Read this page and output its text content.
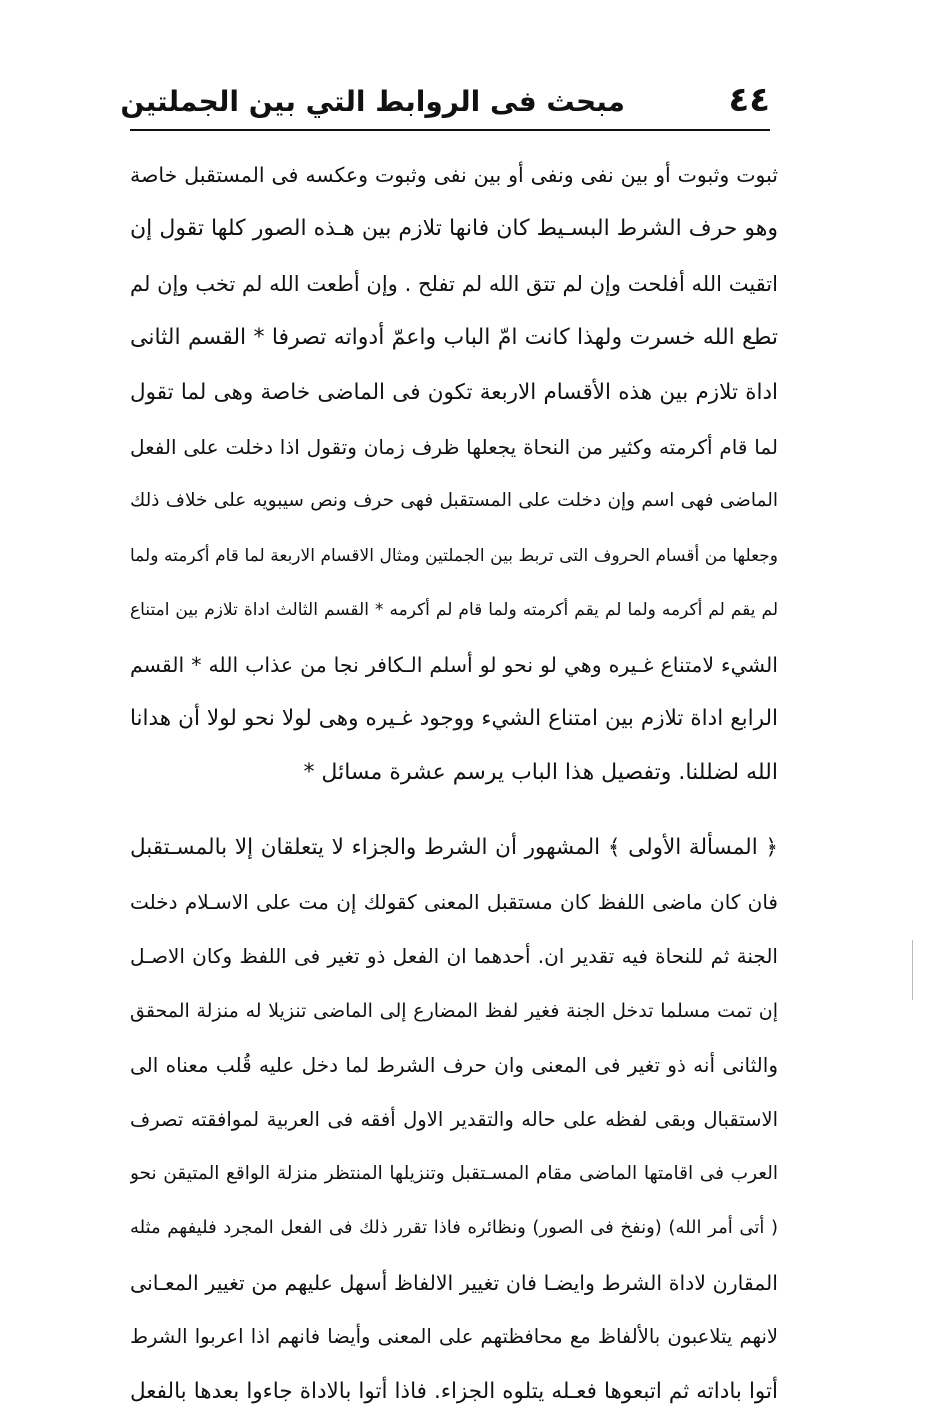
٤٤
مبحث فى الروابط التي بين الجملتين
ثبوت وثبوت أو بين نفى ونفى أو بين نفى وثبوت وعكسه فى المستقبل خاصة
وهو حرف الشرط البسـيط كان فانها تلازم بين هـذه الصور كلها تقول إن
اتقيت الله أفلحت وإن لم تتق الله لم تفلح . وإن أطعت الله لم تخب وإن لم
تطع الله خسرت ولهذا كانت امّ الباب واعمّ أدواته تصرفا * القسم الثانى
اداة تلازم بين هذه الأقسام الاربعة تكون فى الماضى خاصة وهى لما تقول
لما قام أكرمته وكثير من النحاة يجعلها ظرف زمان وتقول اذا دخلت على الفعل
الماضى فهى اسم وإن دخلت على المستقبل فهى حرف ونص سيبويه على خلاف ذلك
وجعلها من أقسام الحروف التى تربط بين الجملتين ومثال الاقسام الاربعة لما قام أكرمته ولما
لم يقم لم أكرمه ولما لم يقم أكرمته ولما قام لم أكرمه * القسم الثالث اداة تلازم بين امتناع
الشيء لامتناع غـيره وهي لو نحو لو أسلم الـكافر نجا من عذاب الله * القسم
الرابع اداة تلازم بين امتناع الشيء ووجود غـيره وهى لولا نحو لولا أن هدانا
الله لضللنا. وتفصيل هذا الباب يرسم عشرة مسائل *
﴿ المسألة الأولى ﴾ المشهور أن الشرط والجزاء لا يتعلقان إلا بالمسـتقبل
فان كان ماضى اللفظ كان مستقبل المعنى كقولك إن مت على الاسـلام دخلت
الجنة ثم للنحاة فيه تقدير ان. أحدهما ان الفعل ذو تغير فى اللفظ وكان الاصـل
إن تمت مسلما تدخل الجنة فغير لفظ المضارع إلى الماضى تنزيلا له منزلة المحقق
والثانى أنه ذو تغير فى المعنى وان حرف الشرط لما دخل عليه قُلب معناه الى
الاستقبال وبقى لفظه على حاله والتقدير الاول أفقه فى العربية لموافقته تصرف
العرب فى اقامتها الماضى مقام المسـتقبل وتنزيلها المنتظر منزلة الواقع المتيقن نحو
( أتى أمر الله) (ونفخ فى الصور) ونظائره فاذا تقرر ذلك فى الفعل المجرد فليفهم مثله
المقارن لاداة الشرط وايضـا فان تغيير الالفاظ أسهل عليهم من تغيير المعـانى
لانهم يتلاعبون بالألفاظ مع محافظتهم على المعنى وأيضا فانهم اذا اعربوا الشرط
أتوا باداته ثم اتبعوها فعـله يتلوه الجزاء. فاذا أتوا بالاداة جاءوا بعدها بالفعل
